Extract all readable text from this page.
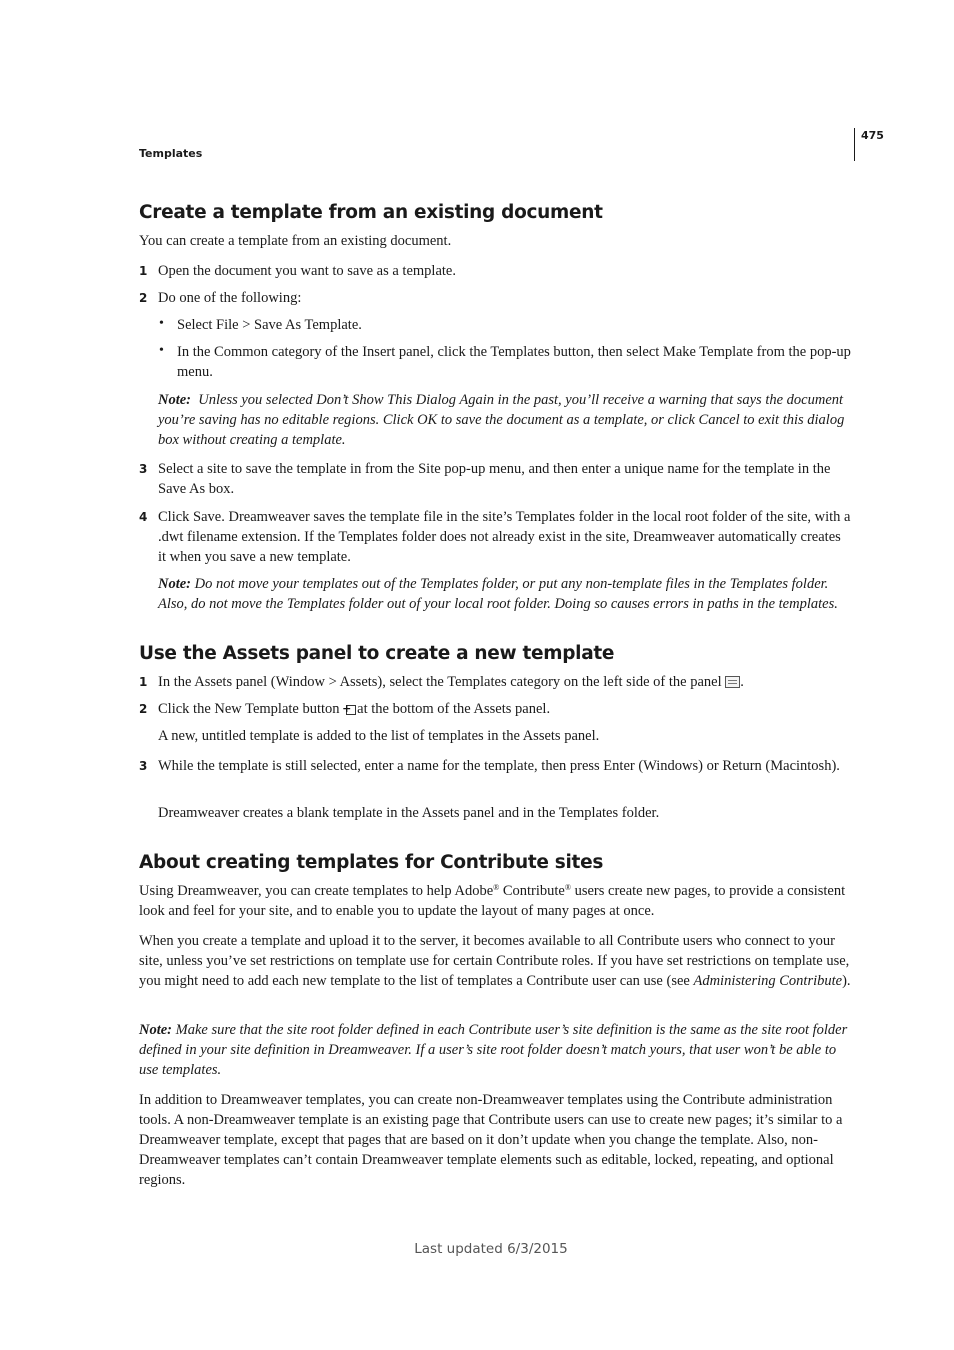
475
Templates
Create a template from an existing document

You can create a template from an existing document.

1 Open the document you want to save as a template.

2 Do one of the following:

• Select File > Save As Template.

• In the Common category of the Insert panel, click the Templates button, then select Make Template from the pop-up menu.

Note: Unless you selected Don’t Show This Dialog Again in the past, you’ll receive a warning that says the document you’re saving has no editable regions. Click OK to save the document as a template, or click Cancel to exit this dialog box without creating a template.

3 Select a site to save the template in from the Site pop-up menu, and then enter a unique name for the template in the Save As box.

4 Click Save. Dreamweaver saves the template file in the site’s Templates folder in the local root folder of the site, with a .dwt filename extension. If the Templates folder does not already exist in the site, Dreamweaver automatically creates it when you save a new template.

Note: Do not move your templates out of the Templates folder, or put any non-template files in the Templates folder. Also, do not move the Templates folder out of your local root folder. Doing so causes errors in paths in the templates.

Use the Assets panel to create a new template
1 In the Assets panel (Window > Assets), select the Templates category on the left side of the panel .

2 Click the New Template button + at the bottom of the Assets panel.

A new, untitled template is added to the list of templates in the Assets panel.

3 While the template is still selected, enter a name for the template, then press Enter (Windows) or Return (Macintosh).

Dreamweaver creates a blank template in the Assets panel and in the Templates folder.

About creating templates for Contribute sites

Using Dreamweaver, you can create templates to help Adobe® Contribute® users create new pages, to provide a consistent look and feel for your site, and to enable you to update the layout of many pages at once.

When you create a template and upload it to the server, it becomes available to all Contribute users who connect to your site, unless you’ve set restrictions on template use for certain Contribute roles. If you have set restrictions on template use, you might need to add each new template to the list of templates a Contribute user can use (see Administering Contribute).

Note: Make sure that the site root folder defined in each Contribute user’s site definition is the same as the site root folder defined in your site definition in Dreamweaver. If a user’s site root folder doesn’t match yours, that user won’t be able to use templates.

In addition to Dreamweaver templates, you can create non-Dreamweaver templates using the Contribute administration tools. A non-Dreamweaver template is an existing page that Contribute users can use to create new pages; it’s similar to a Dreamweaver template, except that pages that are based on it don’t update when you change the template. Also, non-Dreamweaver templates can’t contain Dreamweaver template elements such as editable, locked, repeating, and optional regions.

Last updated 6/3/2015
